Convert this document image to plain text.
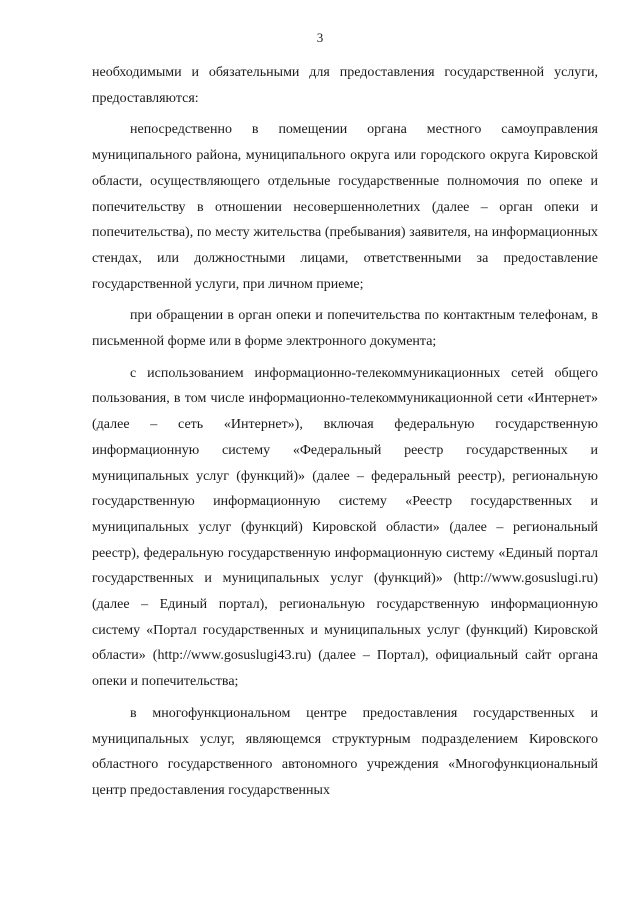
3

необходимыми и обязательными для предоставления государственной услуги, предоставляются:

непосредственно в помещении органа местного самоуправления муниципального района, муниципального округа или городского округа Кировской области, осуществляющего отдельные государственные полномочия по опеке и попечительству в отношении несовершеннолетних (далее – орган опеки и попечительства), по месту жительства (пребывания) заявителя, на информационных стендах, или должностными лицами, ответственными за предоставление государственной услуги, при личном приеме;

при обращении в орган опеки и попечительства по контактным телефонам, в письменной форме или в форме электронного документа;

с использованием информационно-телекоммуникационных сетей общего пользования, в том числе информационно-телекоммуникационной сети «Интернет» (далее – сеть «Интернет»), включая федеральную государственную информационную систему «Федеральный реестр государственных и муниципальных услуг (функций)» (далее – федеральный реестр), региональную государственную информационную систему «Реестр государственных и муниципальных услуг (функций) Кировской области» (далее – региональный реестр), федеральную государственную информационную систему «Единый портал государственных и муниципальных услуг (функций)» (http://www.gosuslugi.ru) (далее – Единый портал), региональную государственную информационную систему «Портал государственных и муниципальных услуг (функций) Кировской области» (http://www.gosuslugi43.ru) (далее – Портал), официальный сайт органа опеки и попечительства;

в многофункциональном центре предоставления государственных и муниципальных услуг, являющемся структурным подразделением Кировского областного государственного автономного учреждения «Многофункциональный центр предоставления государственных
